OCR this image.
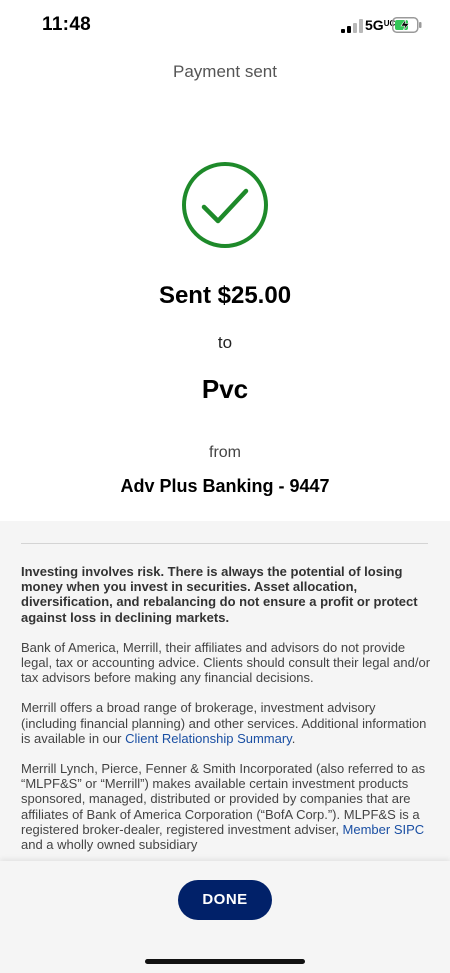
11:48	$5G^{UC}$
Payment sent
Sent $25.00
to
Pvc
from
Adv Plus Banking - 9447

Investing involves risk. There is always the potential of losing money when you invest in securities. Asset allocation, diversification, and rebalancing do not ensure a profit or protect against loss in declining markets.

Bank of America, Merrill, their affiliates and advisors do not provide legal, tax or accounting advice. Clients should consult their legal and/or tax advisors before making any financial decisions.

Merrill offers a broad range of brokerage, investment advisory (including financial planning) and other services. Additional information is available in our Client Relationship Summary.

Merrill Lynch, Pierce, Fenner & Smith Incorporated (also referred to as “MLPF&S” or “Merrill”) makes available certain investment products sponsored, managed, distributed or provided by companies that are affiliates of Bank of America Corporation (“BofA Corp.”). MLPF&S is a registered broker-dealer, registered investment adviser, Member SIPC and a wholly owned subsidiary

DONE
